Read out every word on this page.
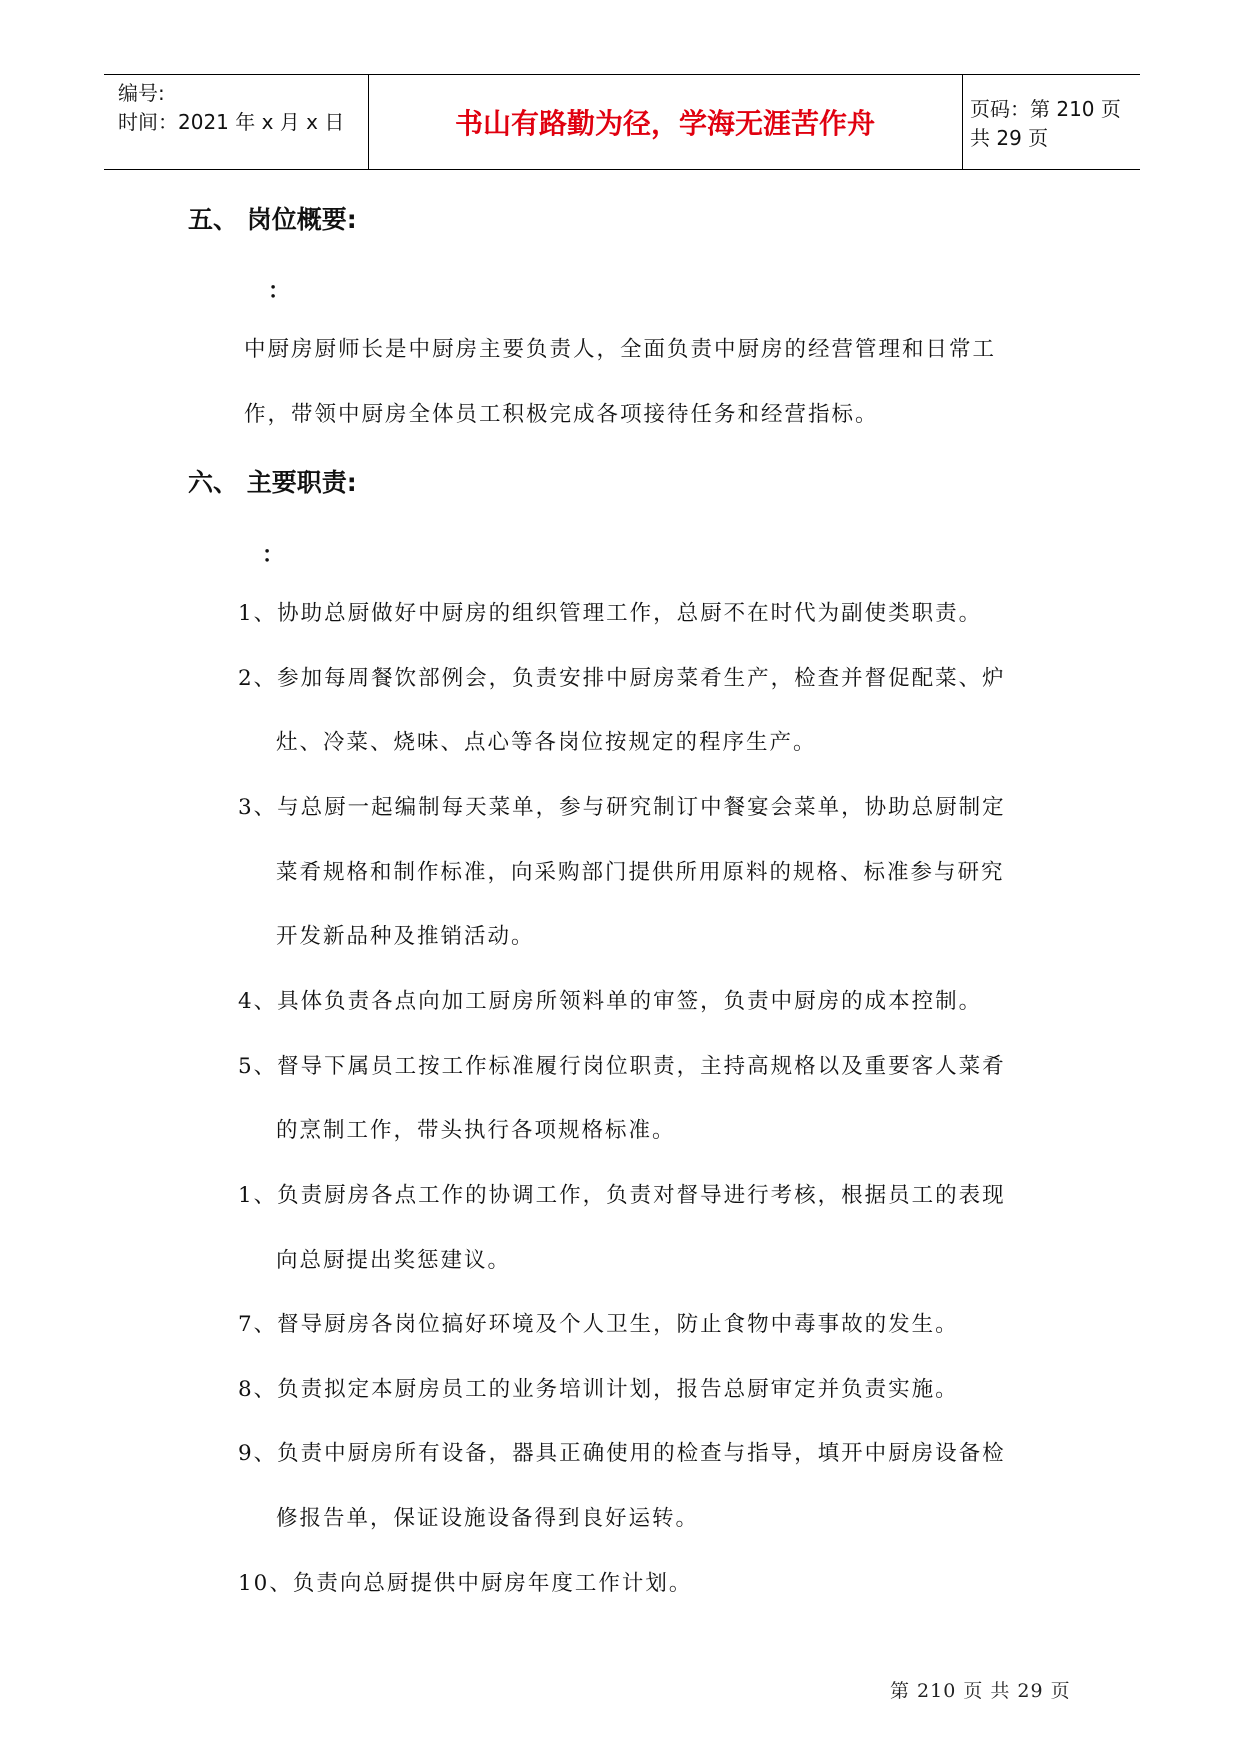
编号:
时间：2021 年 x 月 x 日	书山有路勤为径，学海无涯苦作舟	页码：第 210 页 共 29 页
五、 岗位概要:
：
中厨房厨师长是中厨房主要负责人，全面负责中厨房的经营管理和日常工
作，带领中厨房全体员工积极完成各项接待任务和经营指标。
六、 主要职责:
：
1、协助总厨做好中厨房的组织管理工作，总厨不在时代为副使类职责。
2、参加每周餐饮部例会，负责安排中厨房菜肴生产，检查并督促配菜、炉
灶、冷菜、烧味、点心等各岗位按规定的程序生产。
3、与总厨一起编制每天菜单，参与研究制订中餐宴会菜单，协助总厨制定
菜肴规格和制作标准，向采购部门提供所用原料的规格、标准参与研究
开发新品种及推销活动。
4、具体负责各点向加工厨房所领料单的审签，负责中厨房的成本控制。
5、督导下属员工按工作标准履行岗位职责，主持高规格以及重要客人菜肴
的烹制工作，带头执行各项规格标准。
1、负责厨房各点工作的协调工作，负责对督导进行考核，根据员工的表现
向总厨提出奖惩建议。
7、督导厨房各岗位搞好环境及个人卫生，防止食物中毒事故的发生。
8、负责拟定本厨房员工的业务培训计划，报告总厨审定并负责实施。
9、负责中厨房所有设备，器具正确使用的检查与指导，填开中厨房设备检
修报告单，保证设施设备得到良好运转。
10、负责向总厨提供中厨房年度工作计划。
第 210 页 共 29 页
